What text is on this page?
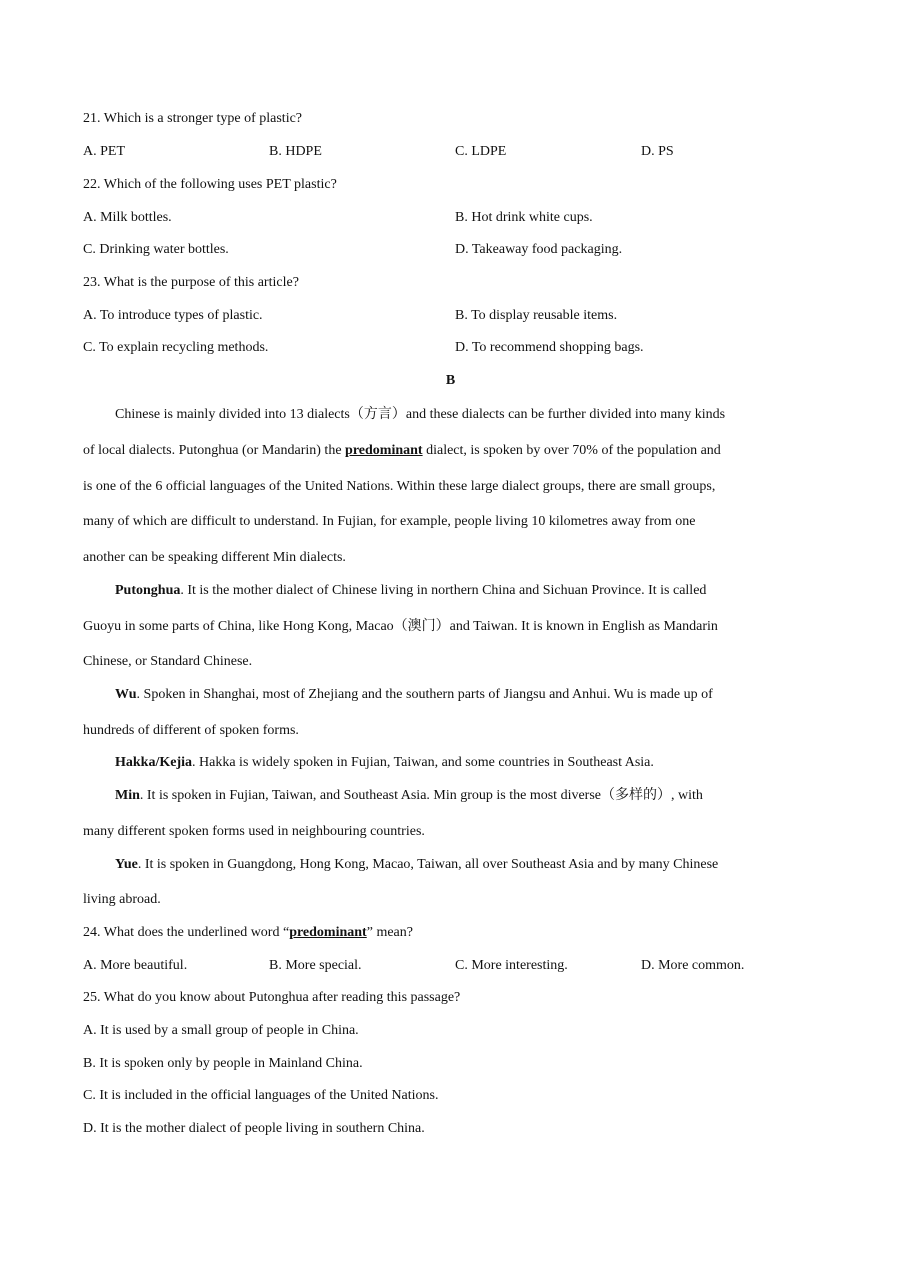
21. Which is a stronger type of plastic?
A. PET	B. HDPE	C. LDPE	D. PS
22. Which of the following uses PET plastic?
A. Milk bottles.	B. Hot drink white cups.
C. Drinking water bottles.	D. Takeaway food packaging.
23. What is the purpose of this article?
A. To introduce types of plastic.	B. To display reusable items.
C. To explain recycling methods.	D. To recommend shopping bags.
B
Chinese is mainly divided into 13 dialects（方言）and these dialects can be further divided into many kinds
of local dialects. Putonghua (or Mandarin) the predominant dialect, is spoken by over 70% of the population and
is one of the 6 official languages of the United Nations. Within these large dialect groups, there are small groups,
many of which are difficult to understand. In Fujian, for example, people living 10 kilometres away from one
another can be speaking different Min dialects.
Putonghua. It is the mother dialect of Chinese living in northern China and Sichuan Province. It is called
Guoyu in some parts of China, like Hong Kong, Macao（澳门）and Taiwan. It is known in English as Mandarin
Chinese, or Standard Chinese.
Wu. Spoken in Shanghai, most of Zhejiang and the southern parts of Jiangsu and Anhui. Wu is made up of
hundreds of different of spoken forms.
Hakka/Kejia. Hakka is widely spoken in Fujian, Taiwan, and some countries in Southeast Asia.
Min. It is spoken in Fujian, Taiwan, and Southeast Asia. Min group is the most diverse（多样的）, with
many different spoken forms used in neighbouring countries.
Yue. It is spoken in Guangdong, Hong Kong, Macao, Taiwan, all over Southeast Asia and by many Chinese
living abroad.
24. What does the underlined word “predominant” mean?
A. More beautiful.	B. More special.	C. More interesting.	D. More common.
25. What do you know about Putonghua after reading this passage?
A. It is used by a small group of people in China.
B. It is spoken only by people in Mainland China.
C. It is included in the official languages of the United Nations.
D. It is the mother dialect of people living in southern China.
